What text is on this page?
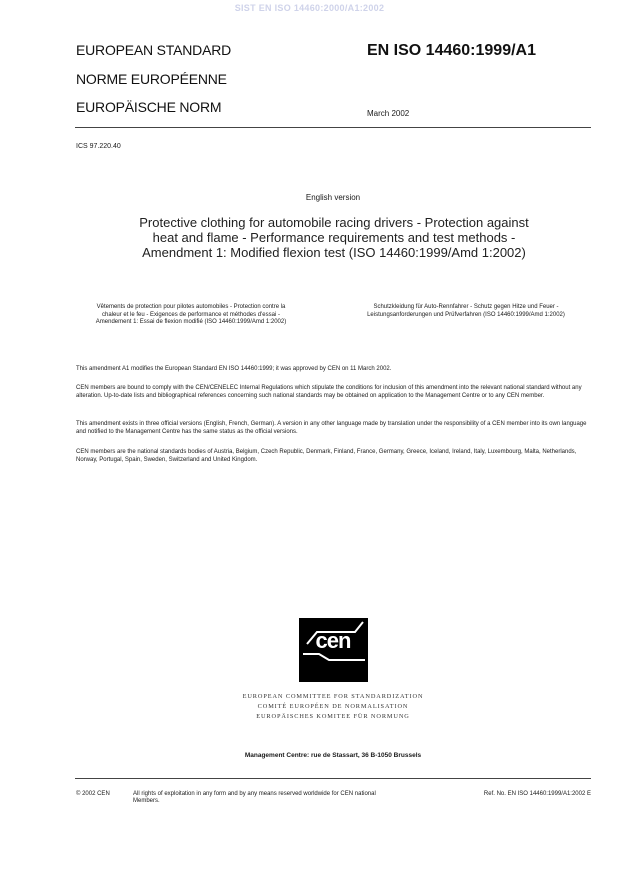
SIST EN ISO 14460:2000/A1:2002
EUROPEAN STANDARD
NORME EUROPÉENNE
EUROPÄISCHE NORM
EN ISO 14460:1999/A1
March 2002
ICS 97.220.40
English version
Protective clothing for automobile racing drivers - Protection against heat and flame - Performance requirements and test methods - Amendment 1: Modified flexion test (ISO 14460:1999/Amd 1:2002)
Vêtements de protection pour pilotes automobiles - Protection contre la chaleur et le feu - Exigences de performance et méthodes d'essai - Amendement 1: Essai de flexion modifié (ISO 14460:1999/Amd 1:2002)
Schutzkleidung für Auto-Rennfahrer - Schutz gegen Hitze und Feuer - Leistungsanforderungen und Prüfverfahren (ISO 14460:1999/Amd 1:2002)
This amendment A1 modifies the European Standard EN ISO 14460:1999; it was approved by CEN on 11 March 2002.
CEN members are bound to comply with the CEN/CENELEC Internal Regulations which stipulate the conditions for inclusion of this amendment into the relevant national standard without any alteration. Up-to-date lists and bibliographical references concerning such national standards may be obtained on application to the Management Centre or to any CEN member.
This amendment exists in three official versions (English, French, German). A version in any other language made by translation under the responsibility of a CEN member into its own language and notified to the Management Centre has the same status as the official versions.
CEN members are the national standards bodies of Austria, Belgium, Czech Republic, Denmark, Finland, France, Germany, Greece, Iceland, Ireland, Italy, Luxembourg, Malta, Netherlands, Norway, Portugal, Spain, Sweden, Switzerland and United Kingdom.
cen
EUROPEAN COMMITTEE FOR STANDARDIZATION
COMITÉ EUROPÉEN DE NORMALISATION
EUROPÄISCHES KOMITEE FÜR NORMUNG
Management Centre: rue de Stassart, 36 B-1050 Brussels
© 2002 CEN	All rights of exploitation in any form and by any means reserved worldwide for CEN national Members.
Ref. No. EN ISO 14460:1999/A1:2002 E
